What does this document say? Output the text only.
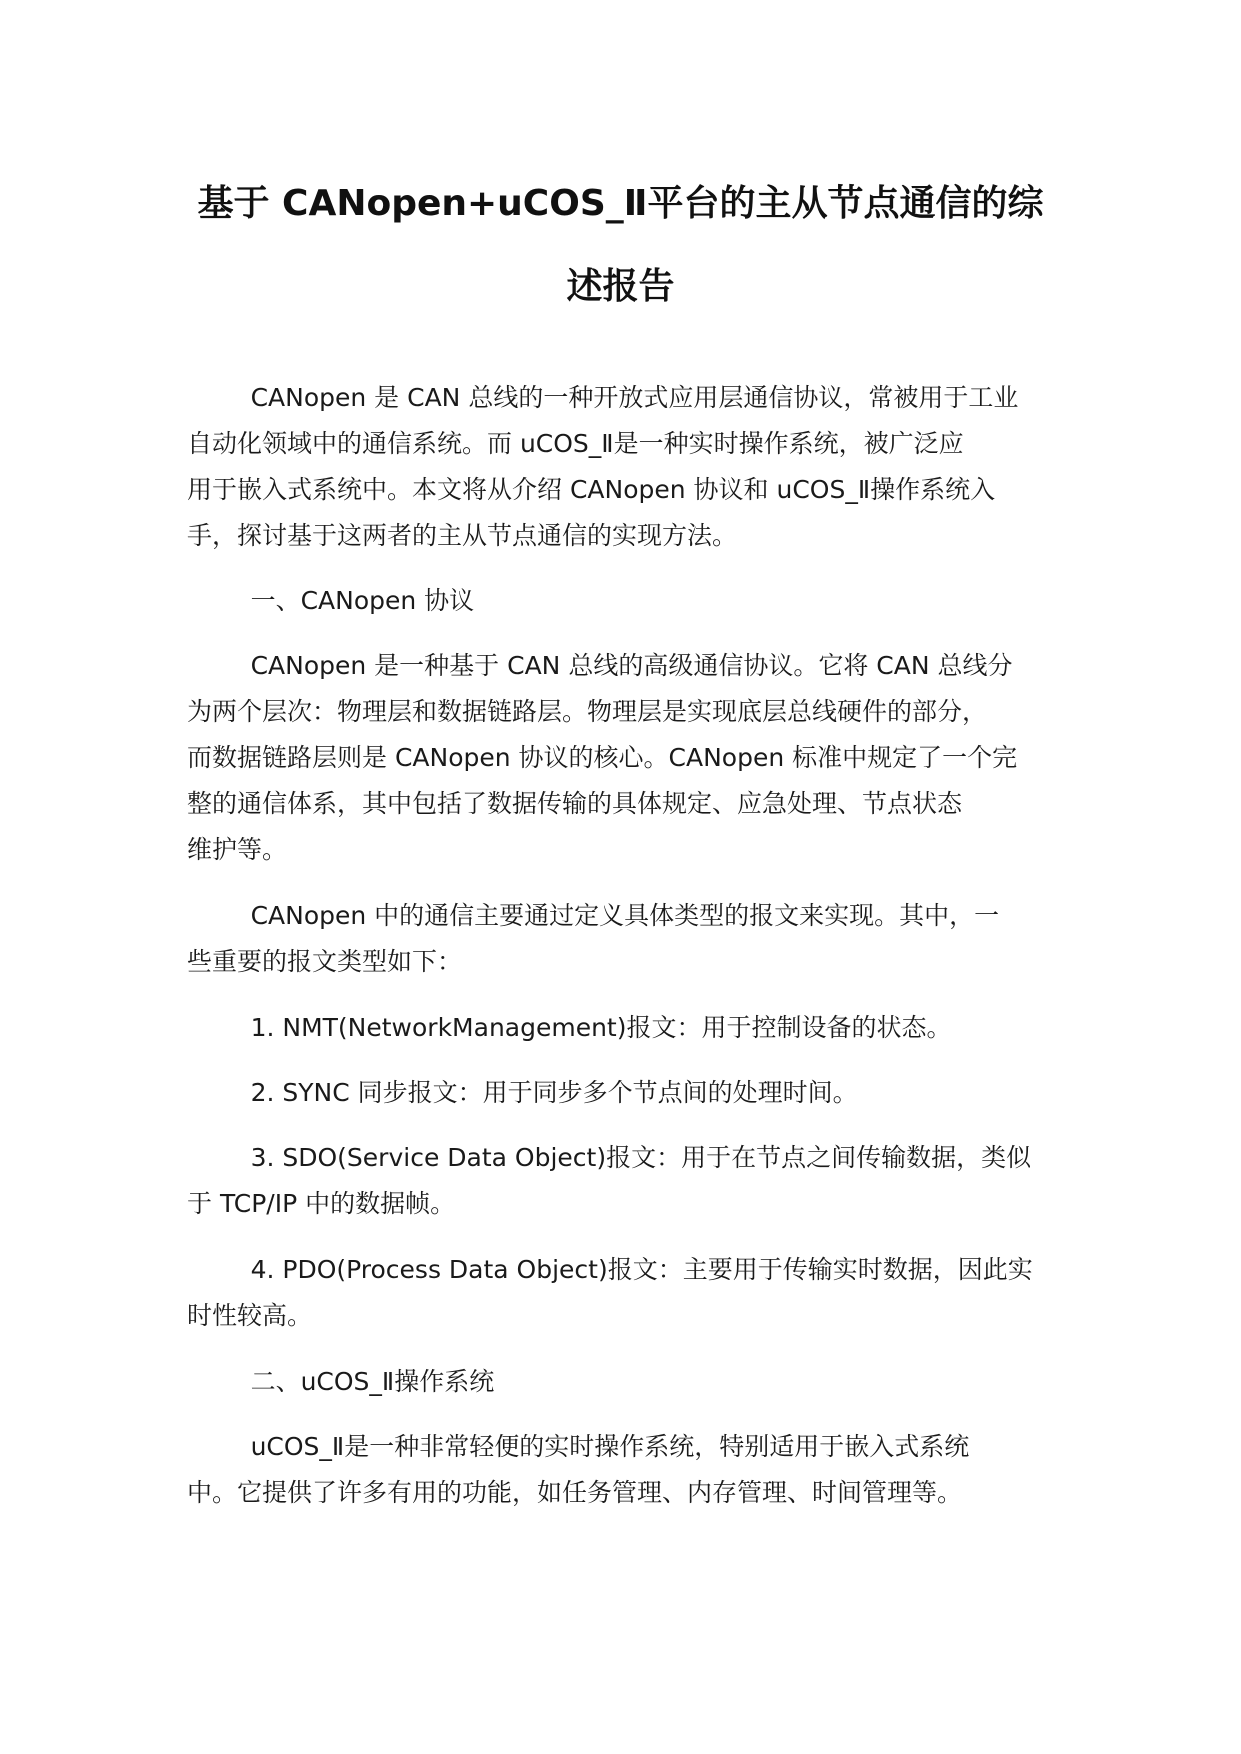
基于 CANopen+uCOS_Ⅱ平台的主从节点通信的综
述报告

CANopen 是 CAN 总线的一种开放式应用层通信协议，常被用于工业

自动化领域中的通信系统。而 uCOS_Ⅱ是一种实时操作系统，被广泛应

用于嵌入式系统中。本文将从介绍 CANopen 协议和 uCOS_Ⅱ操作系统入

手，探讨基于这两者的主从节点通信的实现方法。

一、CANopen 协议

CANopen 是一种基于 CAN 总线的高级通信协议。它将 CAN 总线分

为两个层次：物理层和数据链路层。物理层是实现底层总线硬件的部分，

而数据链路层则是 CANopen 协议的核心。CANopen 标准中规定了一个完

整的通信体系，其中包括了数据传输的具体规定、应急处理、节点状态

维护等。

CANopen 中的通信主要通过定义具体类型的报文来实现。其中，一

些重要的报文类型如下：

1. NMT(NetworkManagement)报文：用于控制设备的状态。

2. SYNC 同步报文：用于同步多个节点间的处理时间。

3. SDO(Service Data Object)报文：用于在节点之间传输数据，类似

于 TCP/IP 中的数据帧。

4. PDO(Process Data Object)报文：主要用于传输实时数据，因此实

时性较高。

二、uCOS_Ⅱ操作系统

uCOS_Ⅱ是一种非常轻便的实时操作系统，特别适用于嵌入式系统

中。它提供了许多有用的功能，如任务管理、内存管理、时间管理等。
